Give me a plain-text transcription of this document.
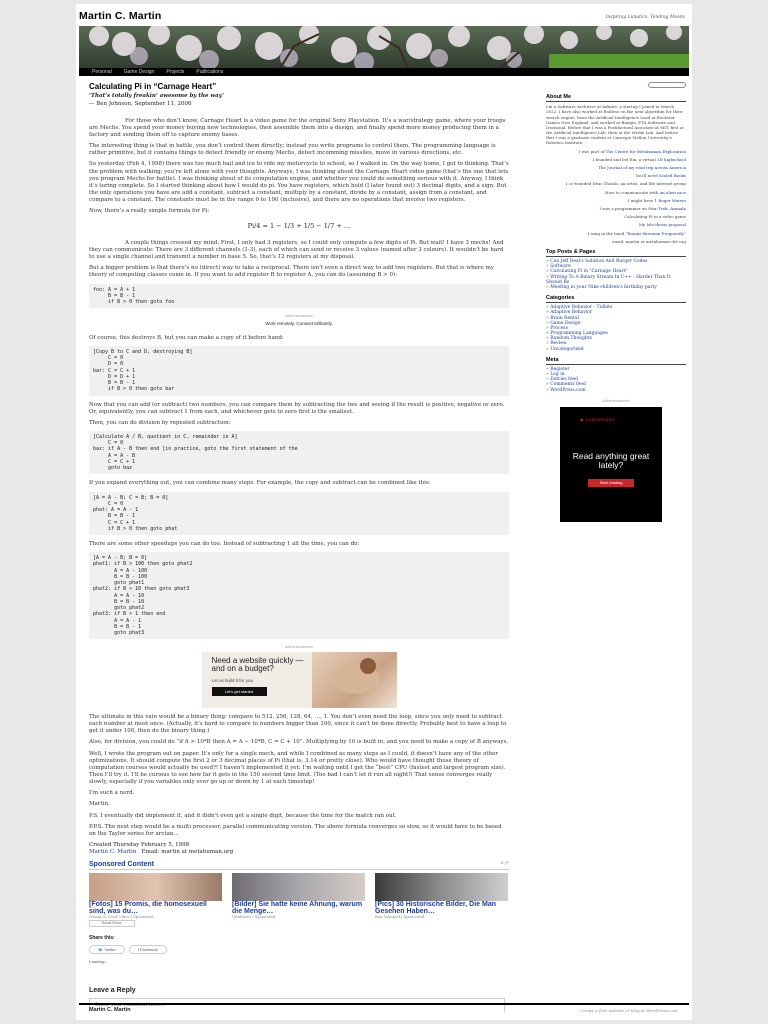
Martin C. Martin	Inspiring Lunatics, Tending Means
Personal Game Design Projects Publications
Calculating Pi in “Carnage Heart”
‘That’s totally freakin’ awesome by the way’
— Ben Johnson, September 11, 2006

For those who don’t know, Carnage Heart is a video game for the original Sony Playstation. It’s a war/strategy game, where your troops are Mechs. You spend your money buying new technologies, then assemble them into a design, and finally spend more money producing them in a factory and sending them off to capture enemy bases.

The interesting thing is that in battle, you don’t control them directly; instead you write programs to control them. The programming language is rather primitive, but it contains things to detect friendly or enemy Mechs, detect incomming missiles, move in various directions, etc.

So yesterday (Feb 4, 1998) there was too much hail and ice to ride my motorcycle to school, so I walked in. On the way home, I got to thinking. That’s the problem with walking; you’re left alone with your thoughts. Anyways, I was thinking about the Carnage Heart video game (that’s the one that lets you program Mechs for battle). I was thinking about of its computation engine, and whether you could do something serious with it. Anyway, I think it’s turing complete. So I started thinking about how I would do pi. You have registers, which hold (I later found out) 3 decimal digits, and a sign. But the only operations you have are add a constant, subtract a constant, multiply by a constant, divide by a constant, assign from a constant, and compare to a constant. The constants must be in the range 0 to 100 (inclusive), and there are no operations that involve two registers.

Now, there’s a really simple formula for Pi:

Pi/4 = 1 − 1/3 + 1/5 − 1/7 + …

A couple things crossed my mind. First, I only had 3 registers, so I could only compute a few digits of Pi. But wait! I have 3 mechs! And they can communicate: There are 3 different channels (1-3), each of which can send or receive 3 values (named after 3 colours). It wouldn’t be hard to use a single channel and transmit a number in base 5. So, that’s 12 registers at my disposal.

But a bigger problem is that there’s no (direct) way to take a reciprocal. There isn’t even a direct way to add two registers. But that is where my theory of computing classes come in. If you want to add register B to register A, you can do (assuming B > 0):

foo: A = A + 1
B = B - 1
if B > 0 then goto foo
Advertisements
Work remotely. Connect brilliantly.

Of course, this destroys B, but you can make a copy of it before hand:

[Copy B to C and D, destroying B]
C = 0
D = 0
bar: C = C + 1
D = D + 1
B = B - 1
if B > 0 then goto bar

Now that you can add (or subtract) two numbers, you can compare them by subtracting the two and seeing if the result is positive, negative or zero. Or, equivalently, you can subtract 1 from each, and whichever gets to zero first is the smallest.

Then, you can do division by repeated subtraction:

[Calculate A / B, quotient in C, remainder in A]
C = 0
baz: if A - B then end [in practice, goto the first statement of the
A = A - B
C = C + 1
goto baz

If you expand everything out, you can combine many steps. For example, the copy and subtract can be combined like this:

[A = A - B; C = B; B = 0]
C = 0
phat: A = A - 1
B = B - 1
C = C + 1
if B > 0 then goto phat

There are some other speedups you can do too. Instead of subtracting 1 all the time, you can do:

[A = A - B; B = 0]
phat1: if B > 100 then goto phat2
A = A - 100
B = B - 100
goto phat1
phat2: if B > 10 then goto phat3
A = A - 10
B = B - 10
goto phat2
phat3: if B > 1 then end
A = A - 1
B = B - 1
goto phat3
Advertisements
Need a website quickly — and on a budget?
Let us build it for you
Let's get started

The ultimate in this vain would be a binary thing: compare to 512, 256, 128, 64, …, 1. You don’t even need the loop, since you only need to subtract each number at most once. (Actually, it’s hard to compare to numbers bigger than 100, since it can’t be done directly. Probably best to have a loop to get it under 100, then do the binary thing.)

Also, for division, you could do “if A > 10*B then A = A − 10*B, C = C + 10”. Multiplying by 10 is built in, and you need to make a copy of B anyways.

Well, I wrote the program out on paper. It’s only for a single mech, and while I combined as many steps as I could, it doesn’t have any of the other optimizations. It should compute the first 2 or 3 decimal places of Pi (that is, 3.14 or pretty close). Who would have thought those theory of computation courses would actually be used?! I haven’t implemented it yet; I’m waiting until I get the “best” CPU (fastest and largest program size). Then I’ll try it. I’ll be curious to see how far it gets in the 150 second time limit. (Too bad I can’t let it run all night!) That sense converges really slowly, especially if you variables only ever go up or down by 1 at each timestep!

I’m such a nerd.

Martin.

P.S. I eventually did implement it, and it didn’t even get a single digit, because the time for the match ran out.

P.P.S. The next step would be a multi processor, parallel communicating version. The above formula converges so slow, so it would have to be based on the Taylor series for arctan…

Created Thursday February 5, 1998
Martin C. Martin Email: martin at metahuman.org
Sponsored Content	⊳ |P
[Fotos] 15 Promis, die homosexuell sind, was du…
Gossip & Good Vibes | Sponsored
Read More
[Bilder] Sie hatte keine Ahnung, warum die Menge…
Viralnews | Sponsored
[Pics] 30 Historische Bilder, Die Man Gesehen Haben…
Bon Voyaged | Sponsored
Share this:
🐦 Twitter	f Facebook
Loading...
Leave a Reply
Enter your comment here...
About Me
I'm a Software Architect at Infinite, a startup I joined in March 2022. I have also worked at Endless on the next algorithm for their search engine, been the Artificial Intelligence Lead at Rockstar Games New England, and worked at Bungie, FTA Software and Irrational. Before that I was a Postdoctoral Associate at MIT, first at the Artificial Intelligence Lab, then at the Media Lab. And before that I was a graduate student at Carnegie Mellon University's Robotics Institute.
I was part of The Centre for Metahuman Exploration
I founded and led Em, a virtual 3D highschool
The Journal of my road trip across America
You'll need Scaled Books
I co-founded Dear Thumb, an artist, and life internet group
How to communicate with an alien race
I might have 1 Roger Waters
I was a programmer on Star Trek: Armada
Calculating Pi in a video game
My Ishi thesis proposal
I sang in the band “Bonnie Brennan Frequently”
email: martin at metahuman dot org
Top Posts & Pages
» Can Jeff Deal's Solution And Burger Codes
» Software
» Calculating Pi in "Carnage Heart"
» Writing To A Binary Stream In C++ - Harder Than It Should Be
» Meeting in your Nike children's birthday party
Categories
» Adaptive Behavior - Tidbits
» Adaptive Behavior
» Brain Rental
» Game Design
» Process
» Programming Languages
» Random Thoughts
» Review
» Uncategorized
Meta
» Register
» Log in
» Entries feed
» Comments feed
» WordPress.com
Advertisements
◉ LONGREADS
Read anything great lately?
Start reading
Martin C. Martin	Create a free website or blog at WordPress.com.
